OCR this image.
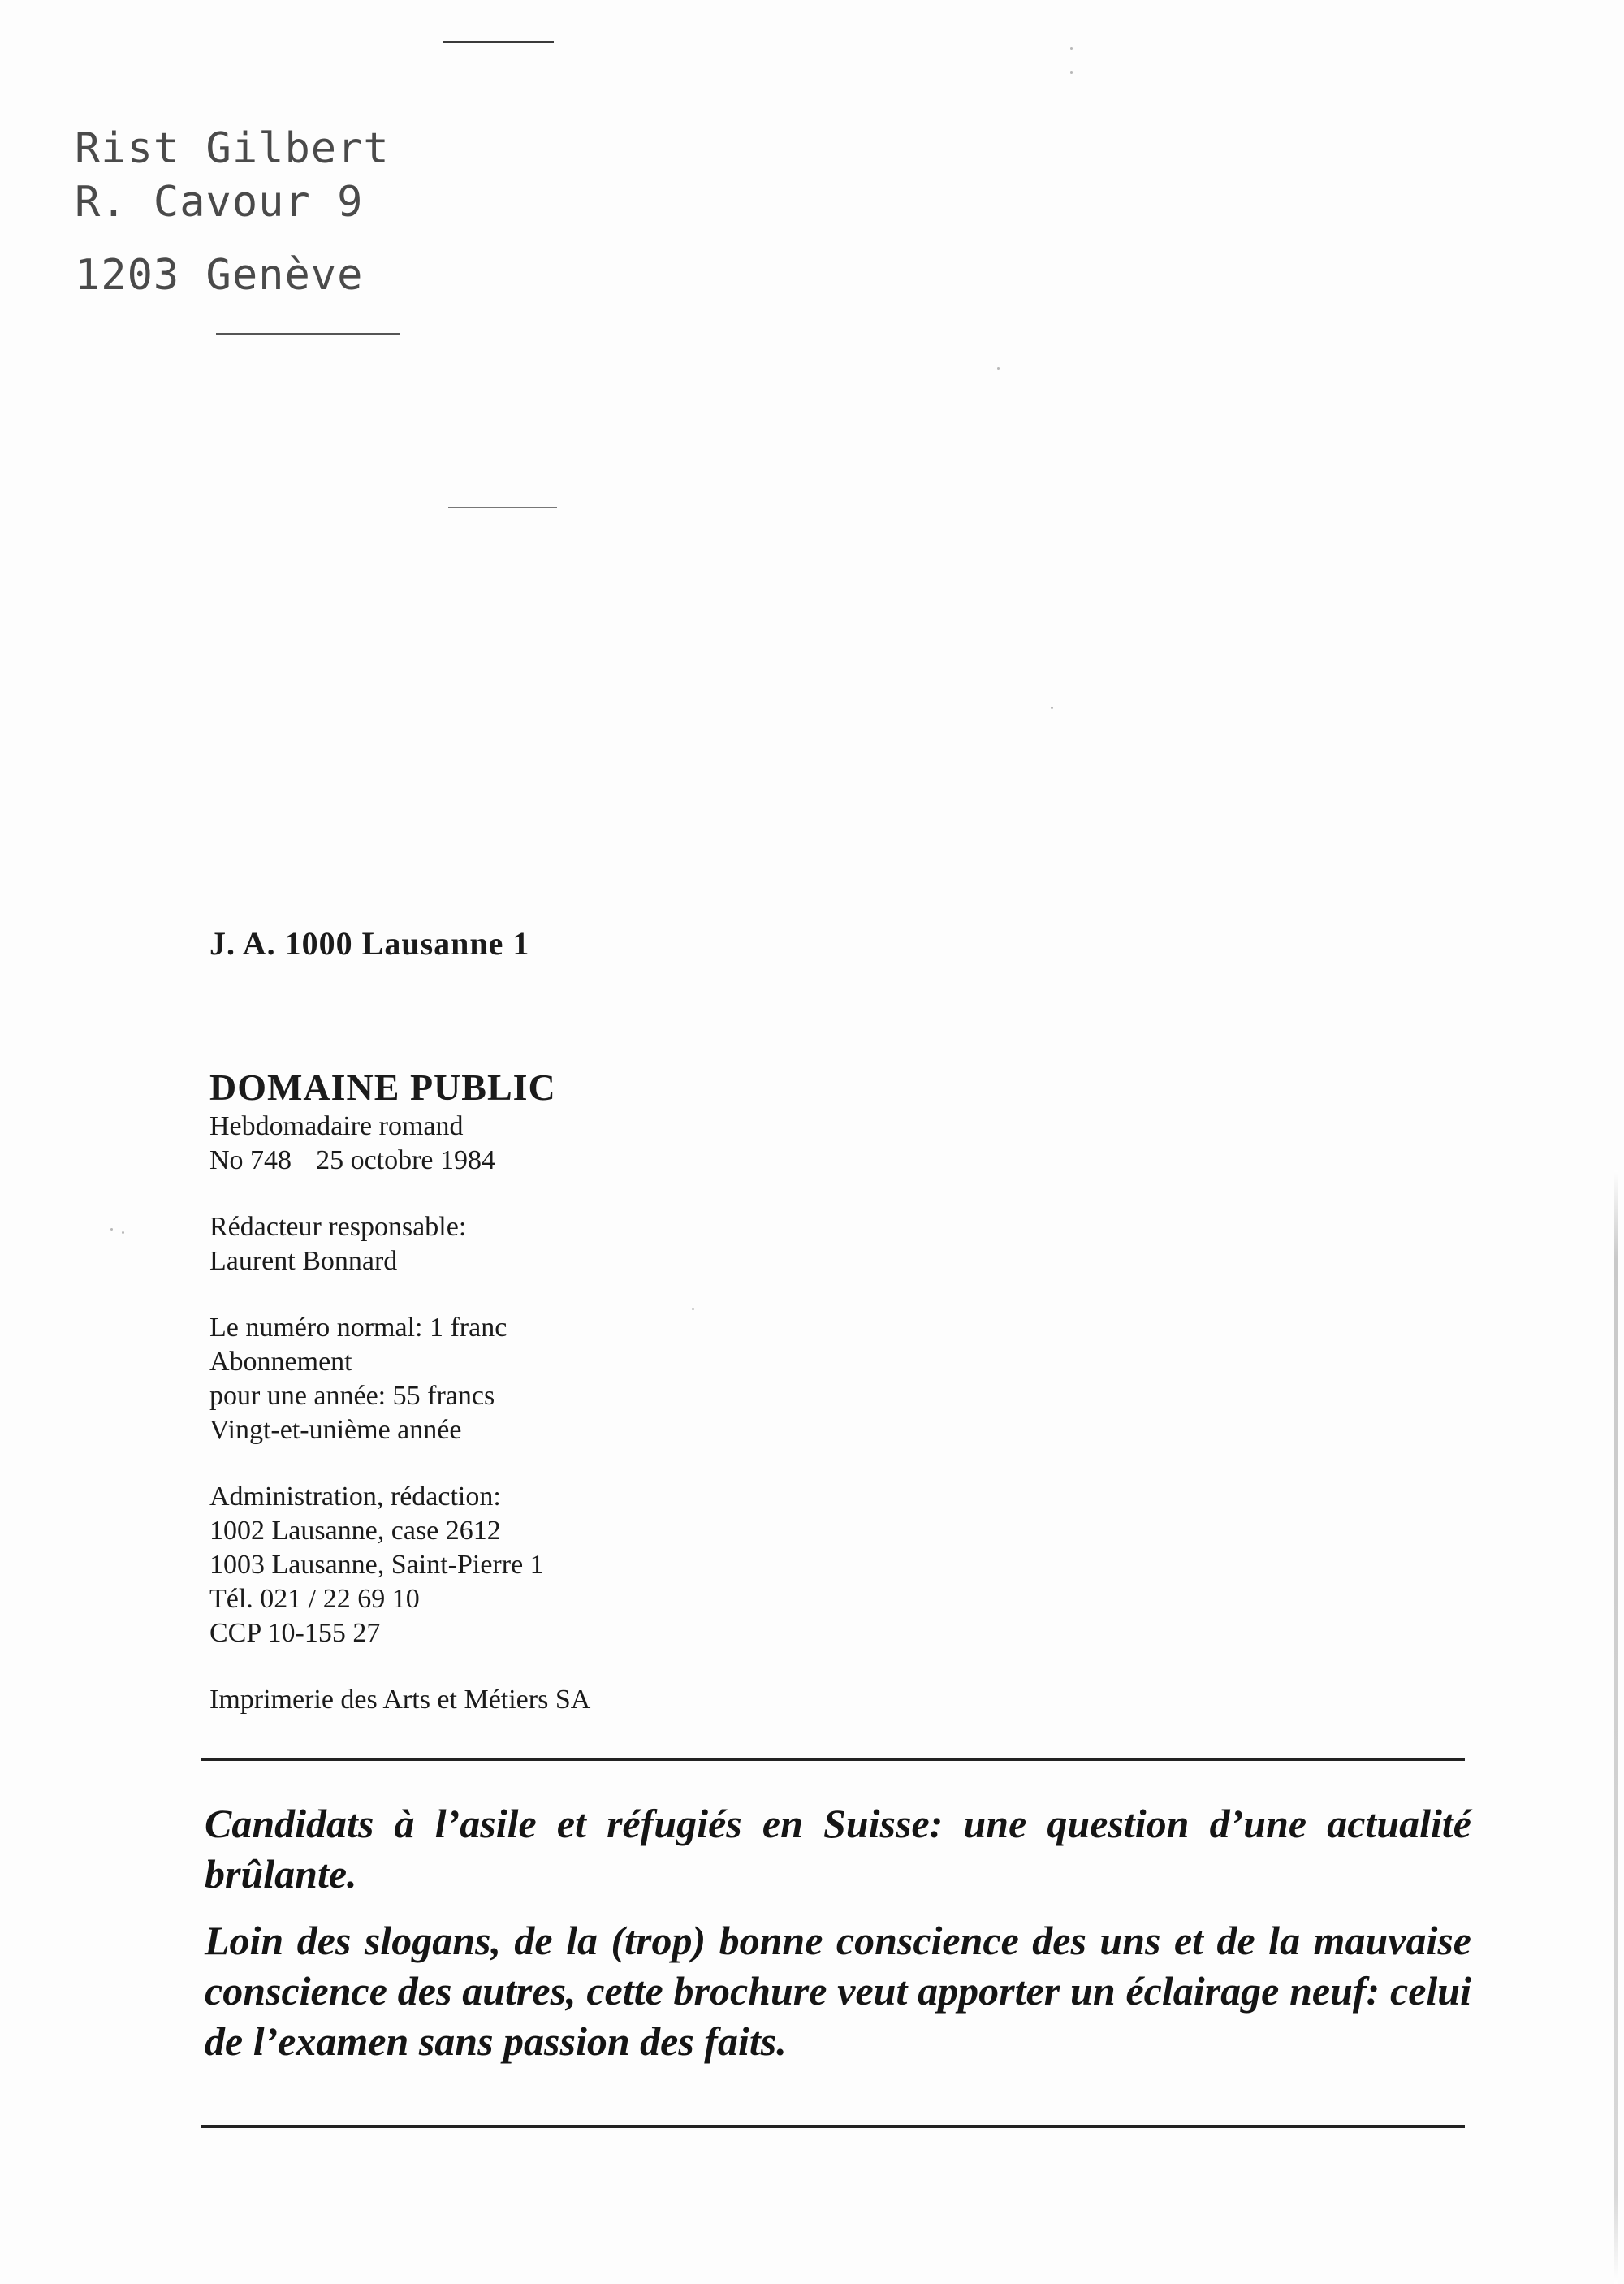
Rist Gilbert
R. Cavour 9
1203 Genève
J. A. 1000 Lausanne 1
DOMAINE PUBLIC
Hebdomadaire romand
No 748 25 octobre 1984
Rédacteur responsable:
Laurent Bonnard
Le numéro normal: 1 franc
Abonnement
pour une année: 55 francs
Vingt-et-unième année
Administration, rédaction:
1002 Lausanne, case 2612
1003 Lausanne, Saint-Pierre 1
Tél. 021 / 22 69 10
CCP 10-155 27
Imprimerie des Arts et Métiers SA

Candidats à l’asile et réfugiés en Suisse: une question d’une actualité brûlante.

Loin des slogans, de la (trop) bonne conscience des uns et de la mauvaise conscience des autres, cette brochure veut apporter un éclairage neuf: celui de l’examen sans passion des faits.
